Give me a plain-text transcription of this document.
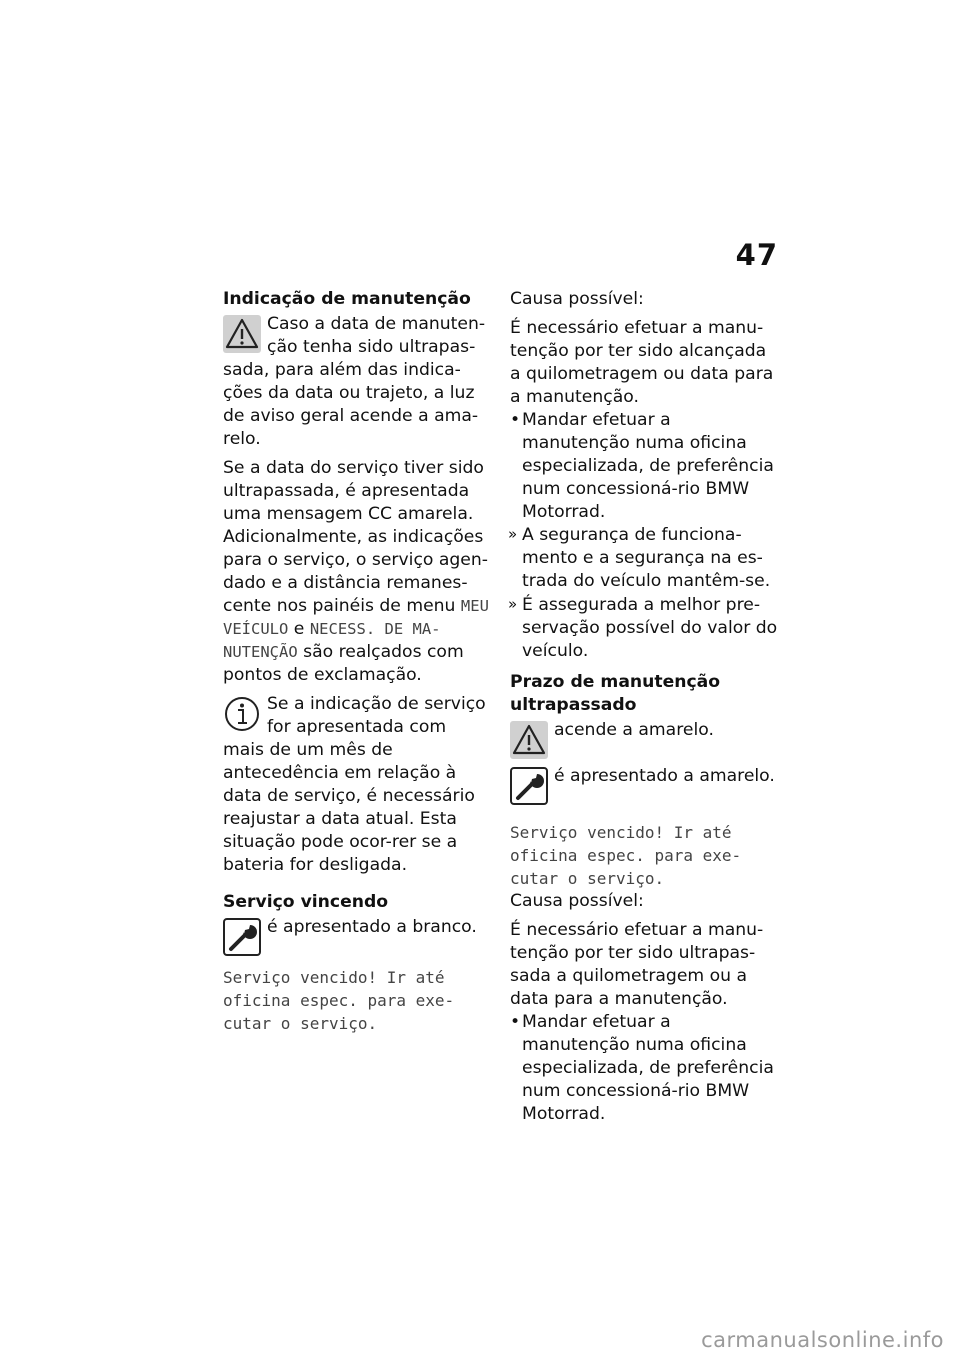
47
Indicação de manutenção

Caso a data de manuten-ção tenha sido ultrapas-sada, para além das indica-ções da data ou trajeto, a luz de aviso geral acende a ama-relo.

Se a data do serviço tiver sido ultrapassada, é apresentada uma mensagem CC amarela. Adicionalmente, as indicações para o serviço, o serviço agen-dado e a distância remanes-cente nos painéis de menu MEU VEÍCULO e NECESS. DE MA-NUTENÇÃO são realçados com pontos de exclamação.

Se a indicação de serviço for apresentada com mais de um mês de antecedência em relação à data de serviço, é necessário reajustar a data atual. Esta situação pode ocor-rer se a bateria for desligada.

Serviço vincendo

é apresentado a branco.

Serviço vencido! Ir até oficina espec. para exe-cutar o serviço.

Causa possível:

É necessário efetuar a manu-tenção por ter sido alcançada a quilometragem ou data para a manutenção.

• Mandar efetuar a manutenção numa oficina especializada, de preferência num concessioná-rio BMW Motorrad.
» A segurança de funciona-mento e a segurança na es-trada do veículo mantêm-se.
» É assegurada a melhor pre-servação possível do valor do veículo.
Prazo de manutenção ultrapassado

acende a amarelo.

é apresentado a amarelo.

Serviço vencido! Ir até oficina espec. para exe-cutar o serviço.

Causa possível:

É necessário efetuar a manu-tenção por ter sido ultrapas-sada a quilometragem ou a data para a manutenção.

• Mandar efetuar a manutenção numa oficina especializada, de preferência num concessioná-rio BMW Motorrad.
carmanualsonline.info
